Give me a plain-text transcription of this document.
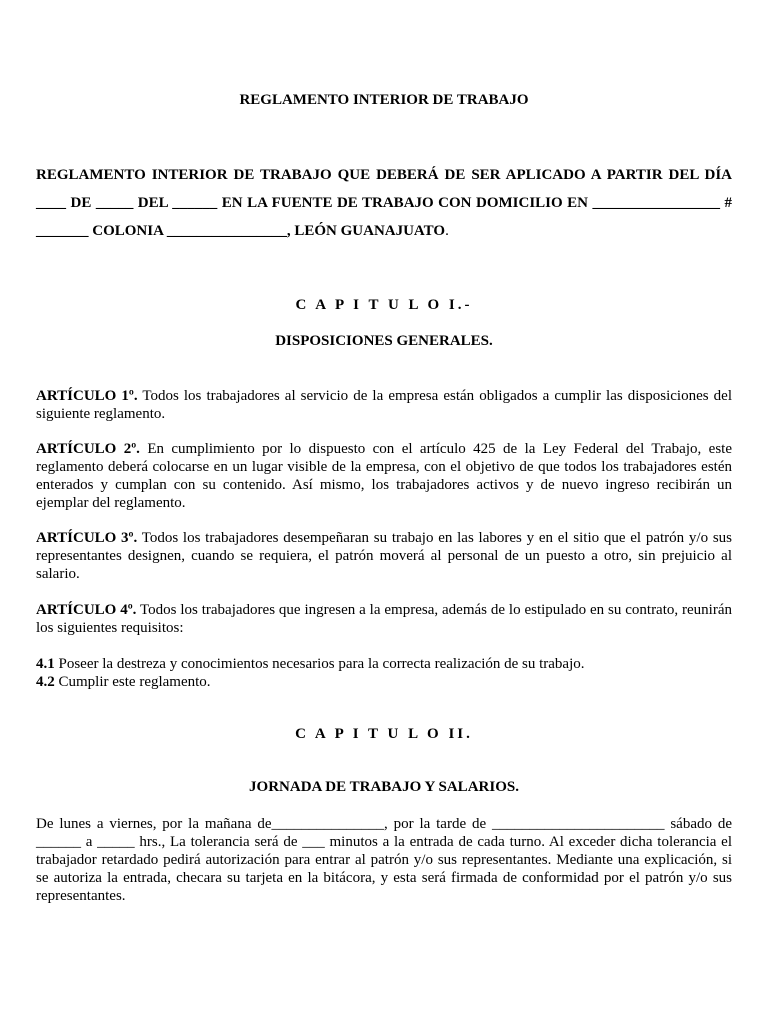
REGLAMENTO INTERIOR DE TRABAJO
REGLAMENTO INTERIOR DE TRABAJO QUE DEBERÁ DE SER APLICADO A PARTIR DEL DÍA ____ DE _____ DEL ______ EN LA FUENTE DE TRABAJO CON DOMICILIO EN _________________ # _______ COLONIA ________________, LEÓN GUANAJUATO.
C A P I T U L O I.-
DISPOSICIONES GENERALES.
ARTÍCULO 1º. Todos los trabajadores al servicio de la empresa están obligados a cumplir las disposiciones del siguiente reglamento.
ARTÍCULO 2º. En cumplimiento por lo dispuesto con el artículo 425 de la Ley Federal del Trabajo, este reglamento deberá colocarse en un lugar visible de la empresa, con el objetivo de que todos los trabajadores estén enterados y cumplan con su contenido. Así mismo, los trabajadores activos y de nuevo ingreso recibirán un ejemplar del reglamento.
ARTÍCULO 3º. Todos los trabajadores desempeñaran su trabajo en las labores y en el sitio que el patrón y/o sus representantes designen, cuando se requiera, el patrón moverá al personal de un puesto a otro, sin prejuicio al salario.
ARTÍCULO 4º. Todos los trabajadores que ingresen a la empresa, además de lo estipulado en su contrato, reunirán los siguientes requisitos:
4.1 Poseer la destreza y conocimientos necesarios para la correcta realización de su trabajo.
4.2 Cumplir este reglamento.
C A P I T U L O II.
JORNADA DE TRABAJO Y SALARIOS.
De lunes a viernes, por la mañana de_______________, por la tarde de _______________________ sábado de ______ a _____ hrs., La tolerancia será de ___ minutos a la entrada de cada turno. Al exceder dicha tolerancia el trabajador retardado pedirá autorización para entrar al patrón y/o sus representantes. Mediante una explicación, si se autoriza la entrada, checara su tarjeta en la bitácora, y esta será firmada de conformidad por el patrón y/o sus representantes.
